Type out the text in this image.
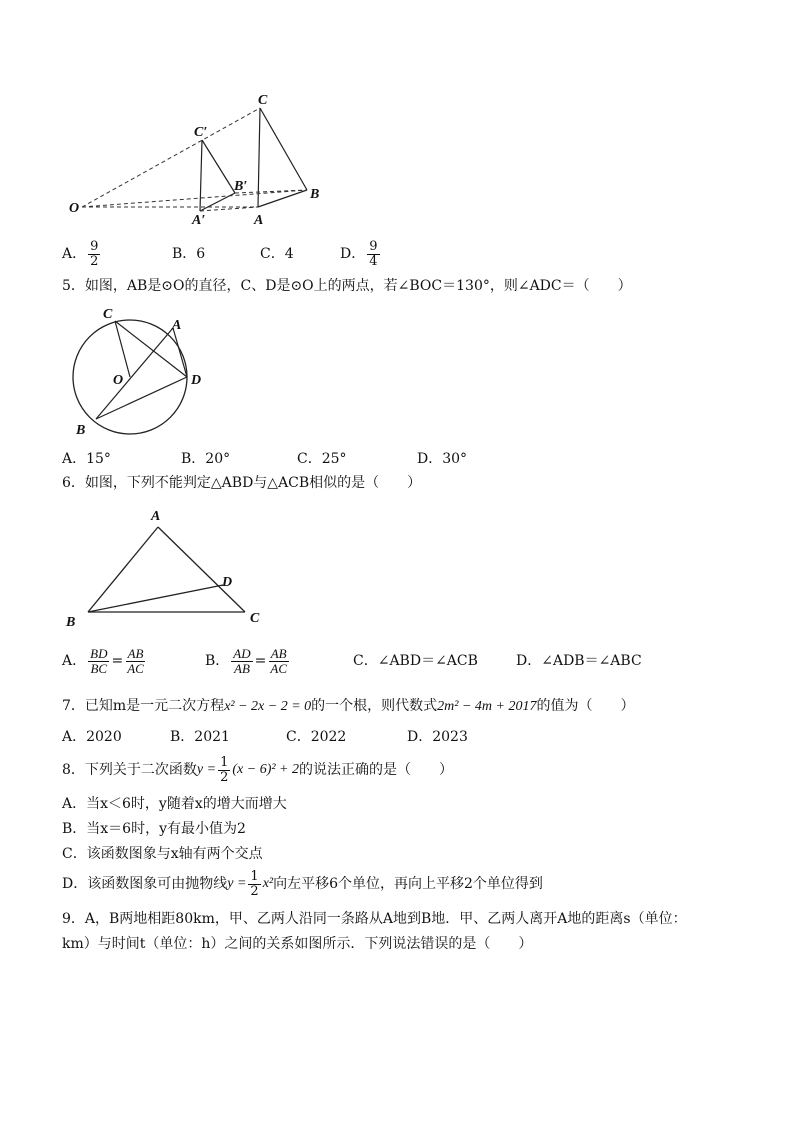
C
C′
B′
B
O
A′	A
A． $\frac{9}{2}$	B．6	C．4	D． $\frac{9}{4}$
5．如图，AB是⊙O的直径，C、D是⊙O上的两点，若∠BOC＝130°，则∠ADC＝（　　）
C
A
O	D
B
A．15°	B．20°	C．25°	D．30°
6．如图，下列不能判定△ABD与△ACB相似的是（　　）
A
D
B	C
A． $\frac{BD}{BC} = \frac{AB}{AC}$	B． $\frac{AD}{AB} = \frac{AB}{AC}$	C．∠ABD＝∠ACB	D．∠ADB＝∠ABC
7．已知m是一元二次方程x² − 2x − 2 = 0的一个根，则代数式2m² − 4m + 2017的值为（　　）
A．2020	B．2021	C．2022	D．2023
8．下列关于二次函数 $y = \frac{1}{2} (x - 6)^2 + 2$ 的说法正确的是（　　）
A．当x＜6时，y随着x的增大而增大
B．当x＝6时，y有最小值为2
C．该函数图象与x轴有两个交点
D．该函数图象可由抛物线 $y = \frac{1}{2} x^2$ 向左平移6个单位，再向上平移2个单位得到
9．A，B两地相距80km，甲、乙两人沿同一条路从A地到B地．甲、乙两人离开A地的距离s（单位：
km）与时间t（单位：h）之间的关系如图所示．下列说法错误的是（　　）
